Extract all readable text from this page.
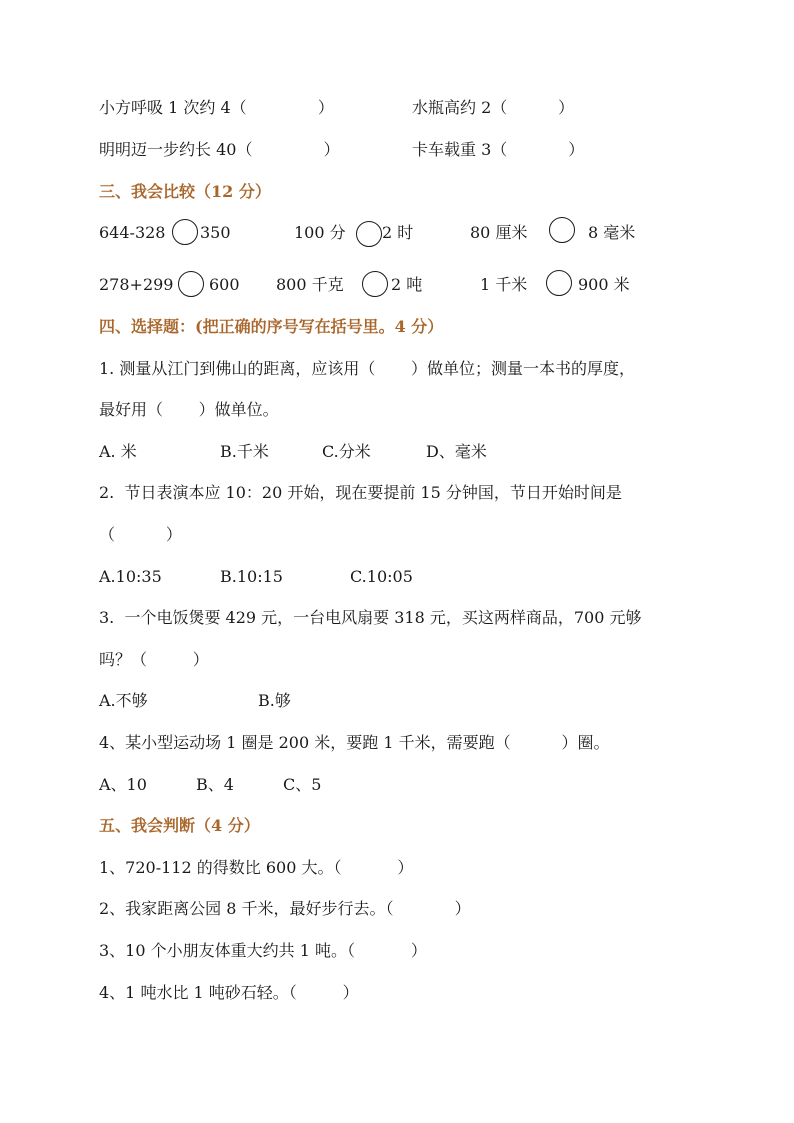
小方呼吸 1 次约 4（              ）	水瓶高约 2（          ）
明明迈一步约长 40（              ）	卡车载重 3（            ）
三、我会比较（12 分）
644-328 350	100 分 2 时	80 厘米	8 毫米
278+299 600 800 千克	2 吨	1 千米	900 米
四、选择题：(把正确的序号写在括号里。4 分）
1. 测量从江门到佛山的距离，应该用（       ）做单位；测量一本书的厚度，
最好用（       ）做单位。
A. 米	B.千米	C.分米	D、毫米
2.  节日表演本应 10：20 开始，现在要提前 15 分钟国，节日开始时间是
（          ）
A.10:35	B.10:15	C.10:05
3.  一个电饭煲要 429 元，一台电风扇要 318 元，买这两样商品，700 元够
吗？（         ）
A.不够	B.够
4、某小型运动场 1 圈是 200 米，要跑 1 千米，需要跑（          ）圈。
A、10	B、4	C、5
五、我会判断（4 分）
1、720-112 的得数比 600 大。（           ）
2、我家距离公园 8 千米，最好步行去。（            ）
3、10 个小朋友体重大约共 1 吨。（           ）
4、1 吨水比 1 吨砂石轻。（         ）
